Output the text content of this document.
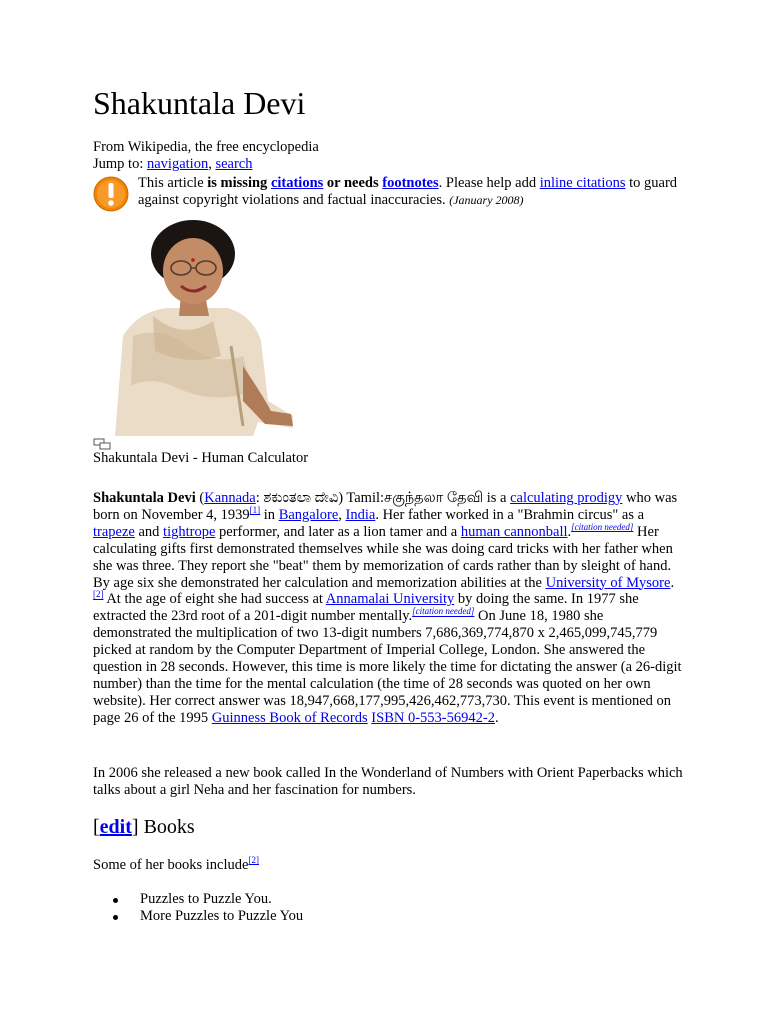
Shakuntala Devi
From Wikipedia, the free encyclopedia
Jump to: navigation, search
This article is missing citations or needs footnotes. Please help add inline citations to guard against copyright violations and factual inaccuracies. (January 2008)
Shakuntala Devi - Human Calculator

Shakuntala Devi (Kannada: ಶಕುಂತಲಾ ದೇವಿ) Tamil:சகுந்தலா தேவி is a calculating prodigy who was born on November 4, 1939[1] in Bangalore, India. Her father worked in a "Brahmin circus" as a trapeze and tightrope performer, and later as a lion tamer and a human cannonball.[citation needed] Her calculating gifts first demonstrated themselves while she was doing card tricks with her father when she was three. They report she "beat" them by memorization of cards rather than by sleight of hand. By age six she demonstrated her calculation and memorization abilities at the University of Mysore.[2] At the age of eight she had success at Annamalai University by doing the same. In 1977 she extracted the 23rd root of a 201-digit number mentally.[citation needed] On June 18, 1980 she demonstrated the multiplication of two 13-digit numbers 7,686,369,774,870 x 2,465,099,745,779 picked at random by the Computer Department of Imperial College, London. She answered the question in 28 seconds. However, this time is more likely the time for dictating the answer (a 26-digit number) than the time for the mental calculation (the time of 28 seconds was quoted on her own website). Her correct answer was 18,947,668,177,995,426,462,773,730. This event is mentioned on page 26 of the 1995 Guinness Book of Records ISBN 0-553-56942-2.

In 2006 she released a new book called In the Wonderland of Numbers with Orient Paperbacks which talks about a girl Neha and her fascination for numbers.

[edit] Books
Some of her books include[2]
Puzzles to Puzzle You.
More Puzzles to Puzzle You
